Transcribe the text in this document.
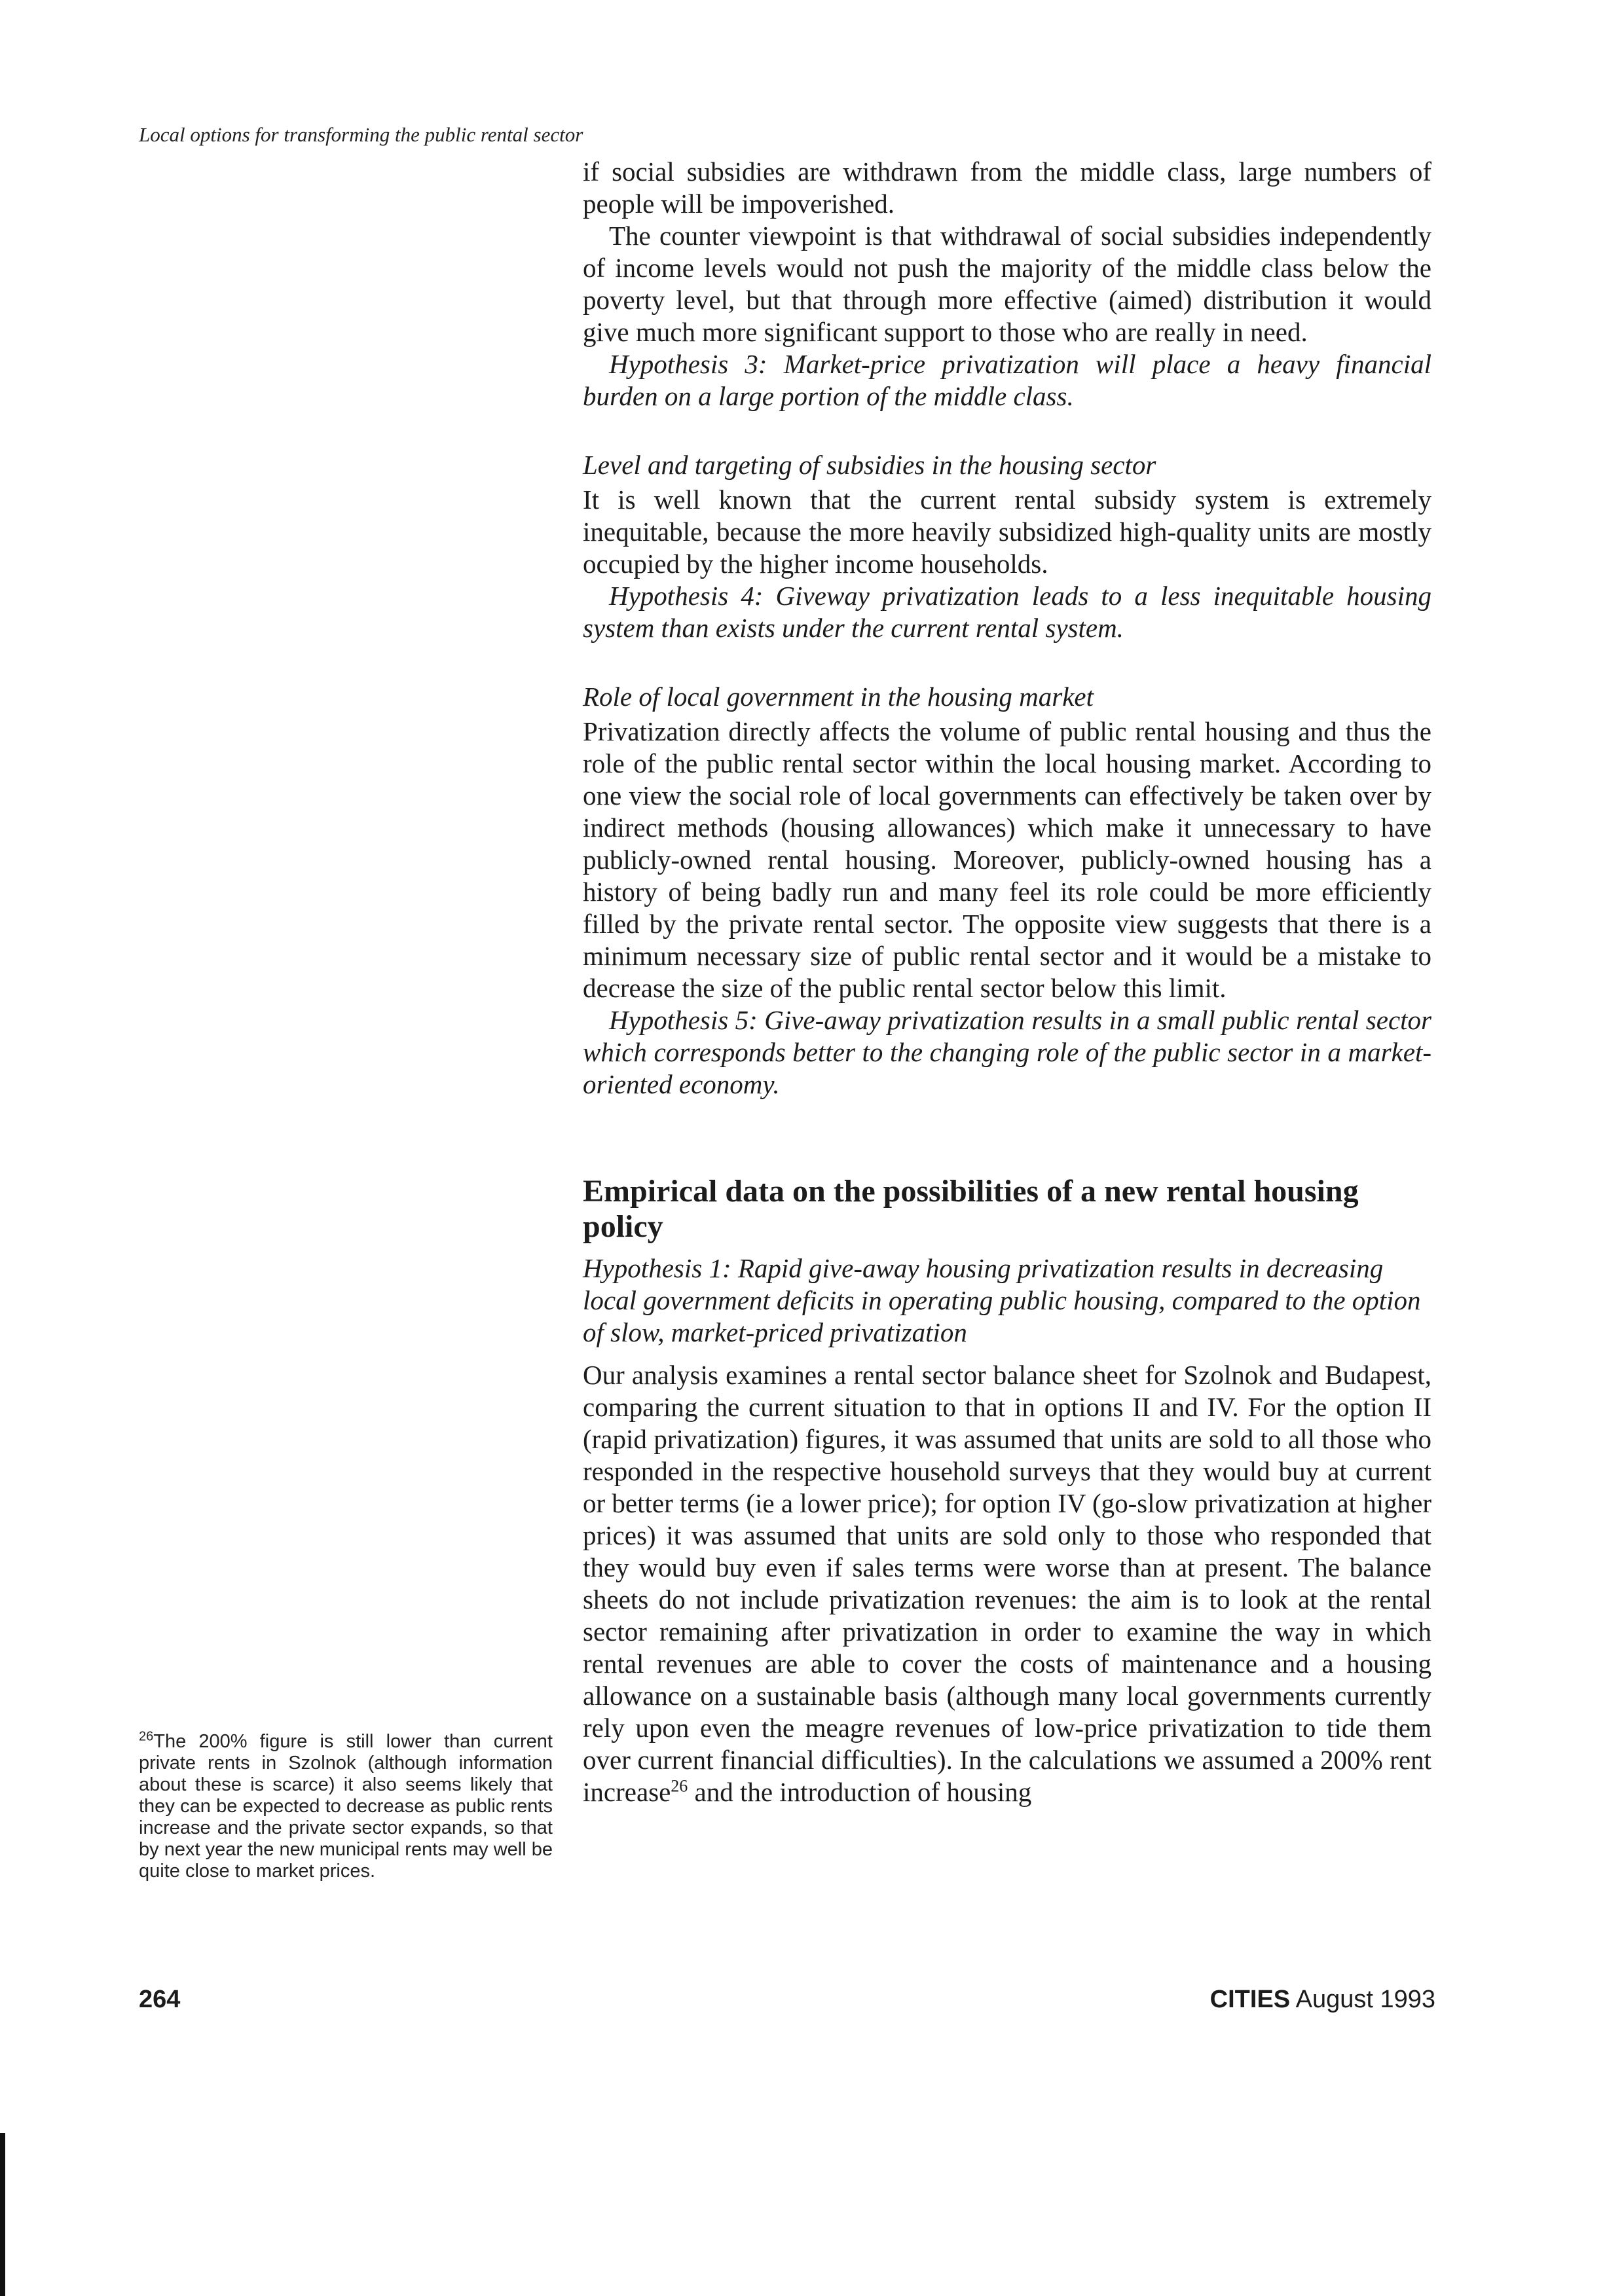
Local options for transforming the public rental sector

if social subsidies are withdrawn from the middle class, large numbers of people will be impoverished.

The counter viewpoint is that withdrawal of social subsidies independently of income levels would not push the majority of the middle class below the poverty level, but that through more effective (aimed) distribution it would give much more significant support to those who are really in need.

Hypothesis 3: Market-price privatization will place a heavy financial burden on a large portion of the middle class.

Level and targeting of subsidies in the housing sector

It is well known that the current rental subsidy system is extremely inequitable, because the more heavily subsidized high-quality units are mostly occupied by the higher income households.

Hypothesis 4: Giveway privatization leads to a less inequitable housing system than exists under the current rental system.

Role of local government in the housing market

Privatization directly affects the volume of public rental housing and thus the role of the public rental sector within the local housing market. According to one view the social role of local governments can effectively be taken over by indirect methods (housing allowances) which make it unnecessary to have publicly-owned rental housing. Moreover, publicly-owned housing has a history of being badly run and many feel its role could be more efficiently filled by the private rental sector. The opposite view suggests that there is a minimum necessary size of public rental sector and it would be a mistake to decrease the size of the public rental sector below this limit.

Hypothesis 5: Give-away privatization results in a small public rental sector which corresponds better to the changing role of the public sector in a market-oriented economy.

Empirical data on the possibilities of a new rental housing policy

Hypothesis 1: Rapid give-away housing privatization results in decreasing local government deficits in operating public housing, compared to the option of slow, market-priced privatization

Our analysis examines a rental sector balance sheet for Szolnok and Budapest, comparing the current situation to that in options II and IV. For the option II (rapid privatization) figures, it was assumed that units are sold to all those who responded in the respective household surveys that they would buy at current or better terms (ie a lower price); for option IV (go-slow privatization at higher prices) it was assumed that units are sold only to those who responded that they would buy even if sales terms were worse than at present. The balance sheets do not include privatization revenues: the aim is to look at the rental sector remaining after privatization in order to examine the way in which rental revenues are able to cover the costs of maintenance and a housing allowance on a sustainable basis (although many local governments currently rely upon even the meagre revenues of low-price privatization to tide them over current financial difficulties). In the calculations we assumed a 200% rent increase$^{26}$ and the introduction of housing

$^{26}$The 200% figure is still lower than current private rents in Szolnok (although information about these is scarce) it also seems likely that they can be expected to decrease as public rents increase and the private sector expands, so that by next year the new municipal rents may well be quite close to market prices.
264	CITIES August 1993
